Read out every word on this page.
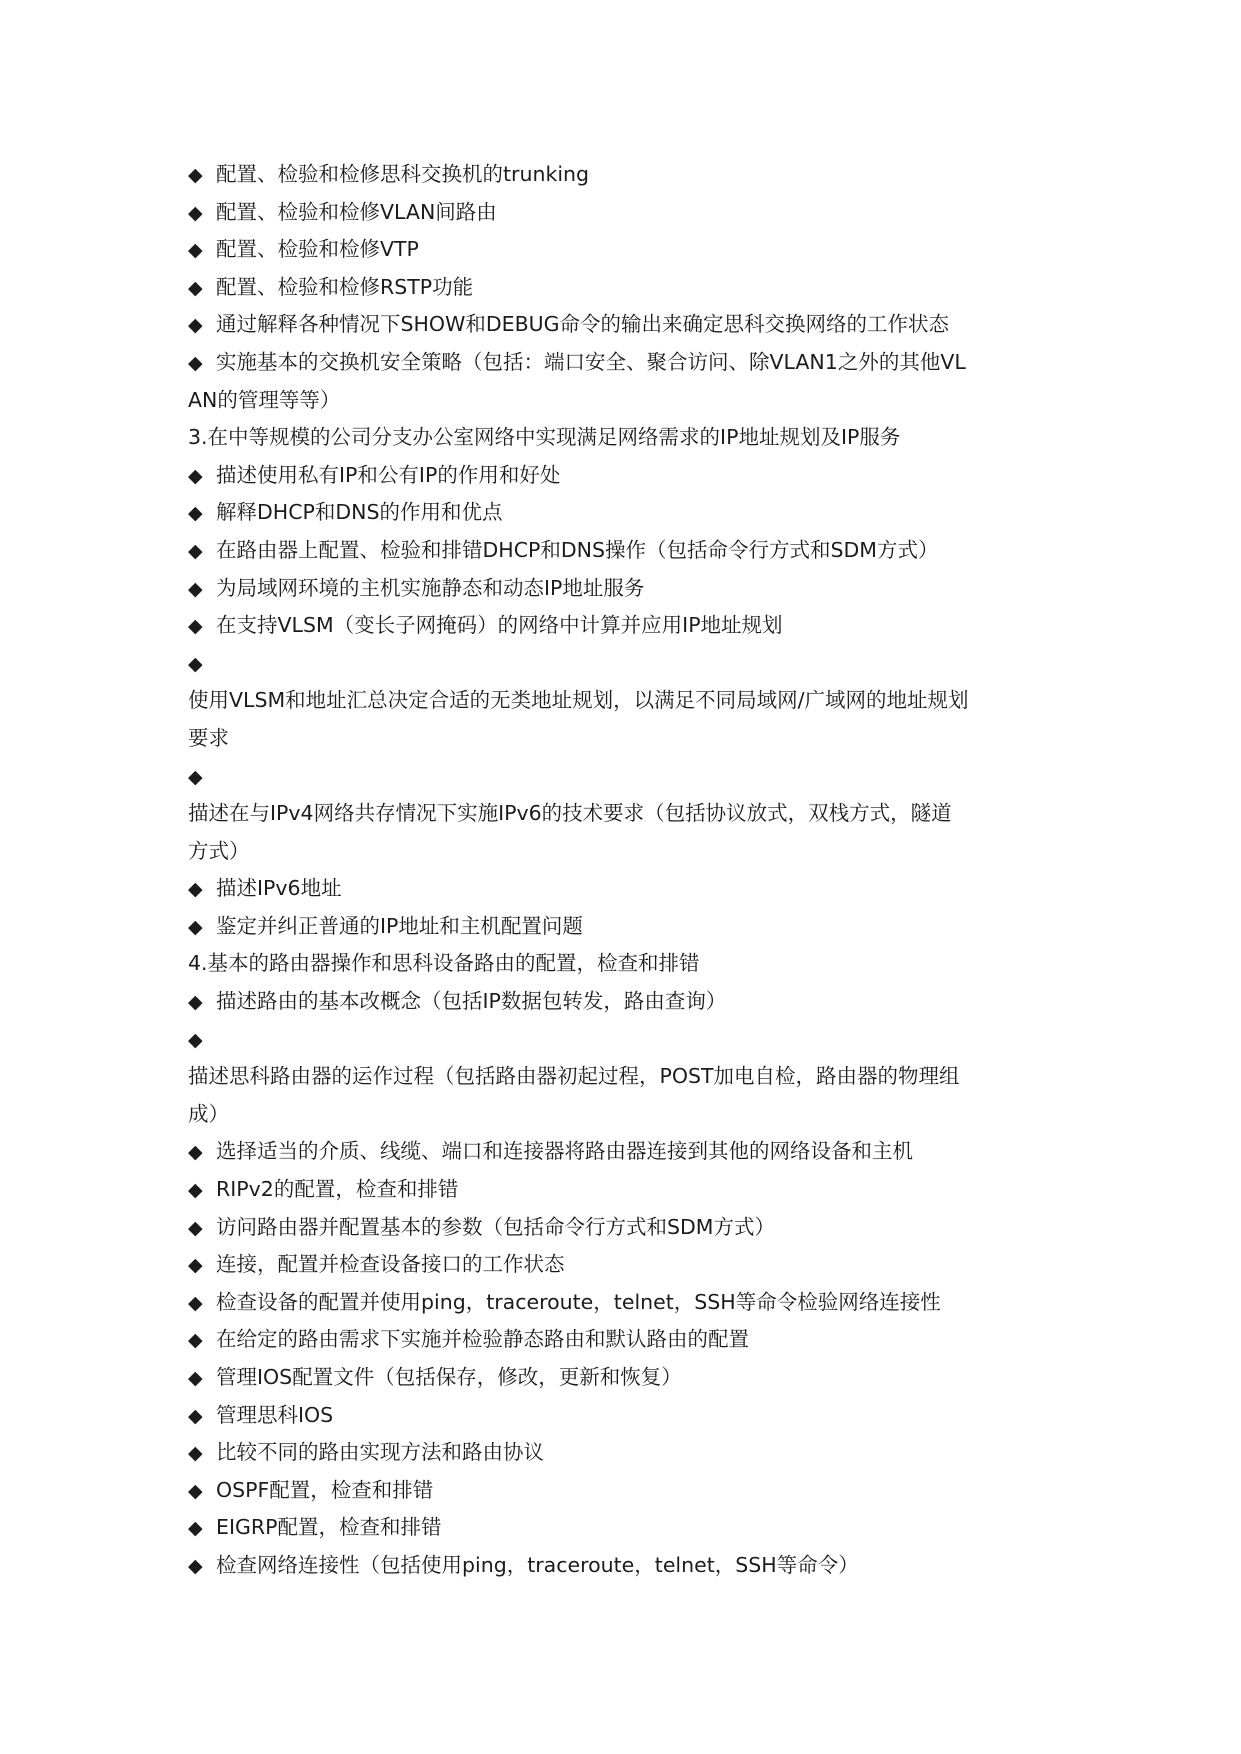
◆ 配置、检验和检修思科交换机的trunking
◆ 配置、检验和检修VLAN间路由
◆ 配置、检验和检修VTP
◆ 配置、检验和检修RSTP功能
◆ 通过解释各种情况下SHOW和DEBUG命令的输出来确定思科交换网络的工作状态
◆ 实施基本的交换机安全策略（包括：端口安全、聚合访问、除VLAN1之外的其他VL
AN的管理等等）
3.在中等规模的公司分支办公室网络中实现满足网络需求的IP地址规划及IP服务
◆ 描述使用私有IP和公有IP的作用和好处
◆ 解释DHCP和DNS的作用和优点
◆ 在路由器上配置、检验和排错DHCP和DNS操作（包括命令行方式和SDM方式）
◆ 为局域网环境的主机实施静态和动态IP地址服务
◆ 在支持VLSM（变长子网掩码）的网络中计算并应用IP地址规划
◆
使用VLSM和地址汇总决定合适的无类地址规划，以满足不同局域网/广域网的地址规划
要求
◆
描述在与IPv4网络共存情况下实施IPv6的技术要求（包括协议放式，双栈方式，隧道
方式）
◆ 描述IPv6地址
◆ 鉴定并纠正普通的IP地址和主机配置问题
4.基本的路由器操作和思科设备路由的配置，检查和排错
◆ 描述路由的基本改概念（包括IP数据包转发，路由查询）
◆
描述思科路由器的运作过程（包括路由器初起过程，POST加电自检，路由器的物理组
成）
◆ 选择适当的介质、线缆、端口和连接器将路由器连接到其他的网络设备和主机
◆ RIPv2的配置，检查和排错
◆ 访问路由器并配置基本的参数（包括命令行方式和SDM方式）
◆ 连接，配置并检查设备接口的工作状态
◆ 检查设备的配置并使用ping，traceroute，telnet，SSH等命令检验网络连接性
◆ 在给定的路由需求下实施并检验静态路由和默认路由的配置
◆ 管理IOS配置文件（包括保存，修改，更新和恢复）
◆ 管理思科IOS
◆ 比较不同的路由实现方法和路由协议
◆ OSPF配置，检查和排错
◆ EIGRP配置，检查和排错
◆ 检查网络连接性（包括使用ping，traceroute，telnet，SSH等命令）
